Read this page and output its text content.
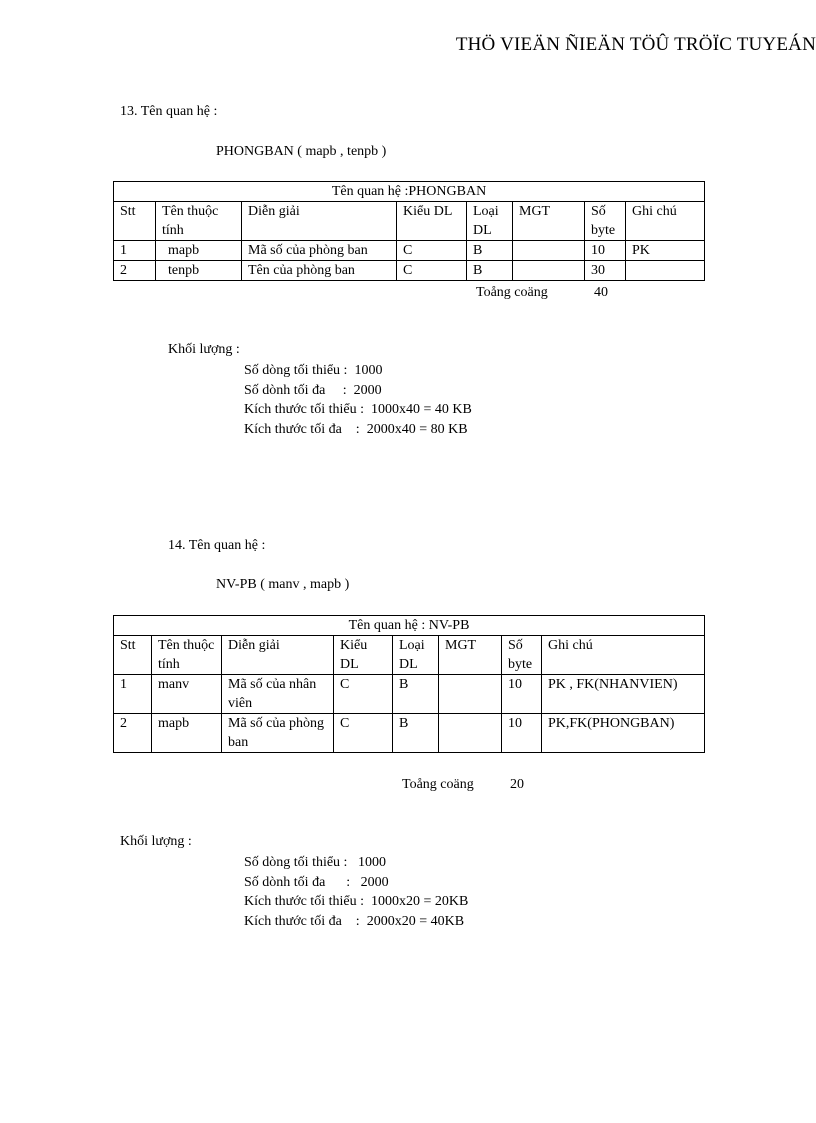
THÖ VIEÄN ÑIEÄN TÖÛ TRÖÏC TUYEÁN
13. Tên quan hệ :
PHONGBAN ( mapb , tenpb )
Tên quan hệ :PHONGBAN							
Stt	Tên thuộc tính	Diễn giải	Kiểu DL	Loại DL	MGT	Số byte	Ghi chú
1	mapb	Mã số của phòng ban	C	B		10	PK
2	tenpb	Tên của phòng ban	C	B		30	
Toång coäng	40
Khối lượng :
Số dòng tối thiểu :  1000
Số dònh tối đa     :  2000
Kích thước tối thiểu :  1000x40 = 40 KB
Kích thước tối đa    :  2000x40 = 80 KB
14. Tên quan hệ :
NV-PB ( manv , mapb )
Tên quan hệ : NV-PB							
Stt	Tên thuộc tính	Diễn giải	Kiểu DL	Loại DL	MGT	Số byte	Ghi chú
1	manv	Mã số của nhân viên	C	B		10	PK , FK(NHANVIEN)
2	mapb	Mã số của phòng ban	C	B		10	PK,FK(PHONGBAN)
Toång coäng	20
Khối lượng :
Số dòng tối thiểu :   1000
Số dònh tối đa      :   2000
Kích thước tối thiểu :  1000x20 = 20KB
Kích thước tối đa    :  2000x20 = 40KB
